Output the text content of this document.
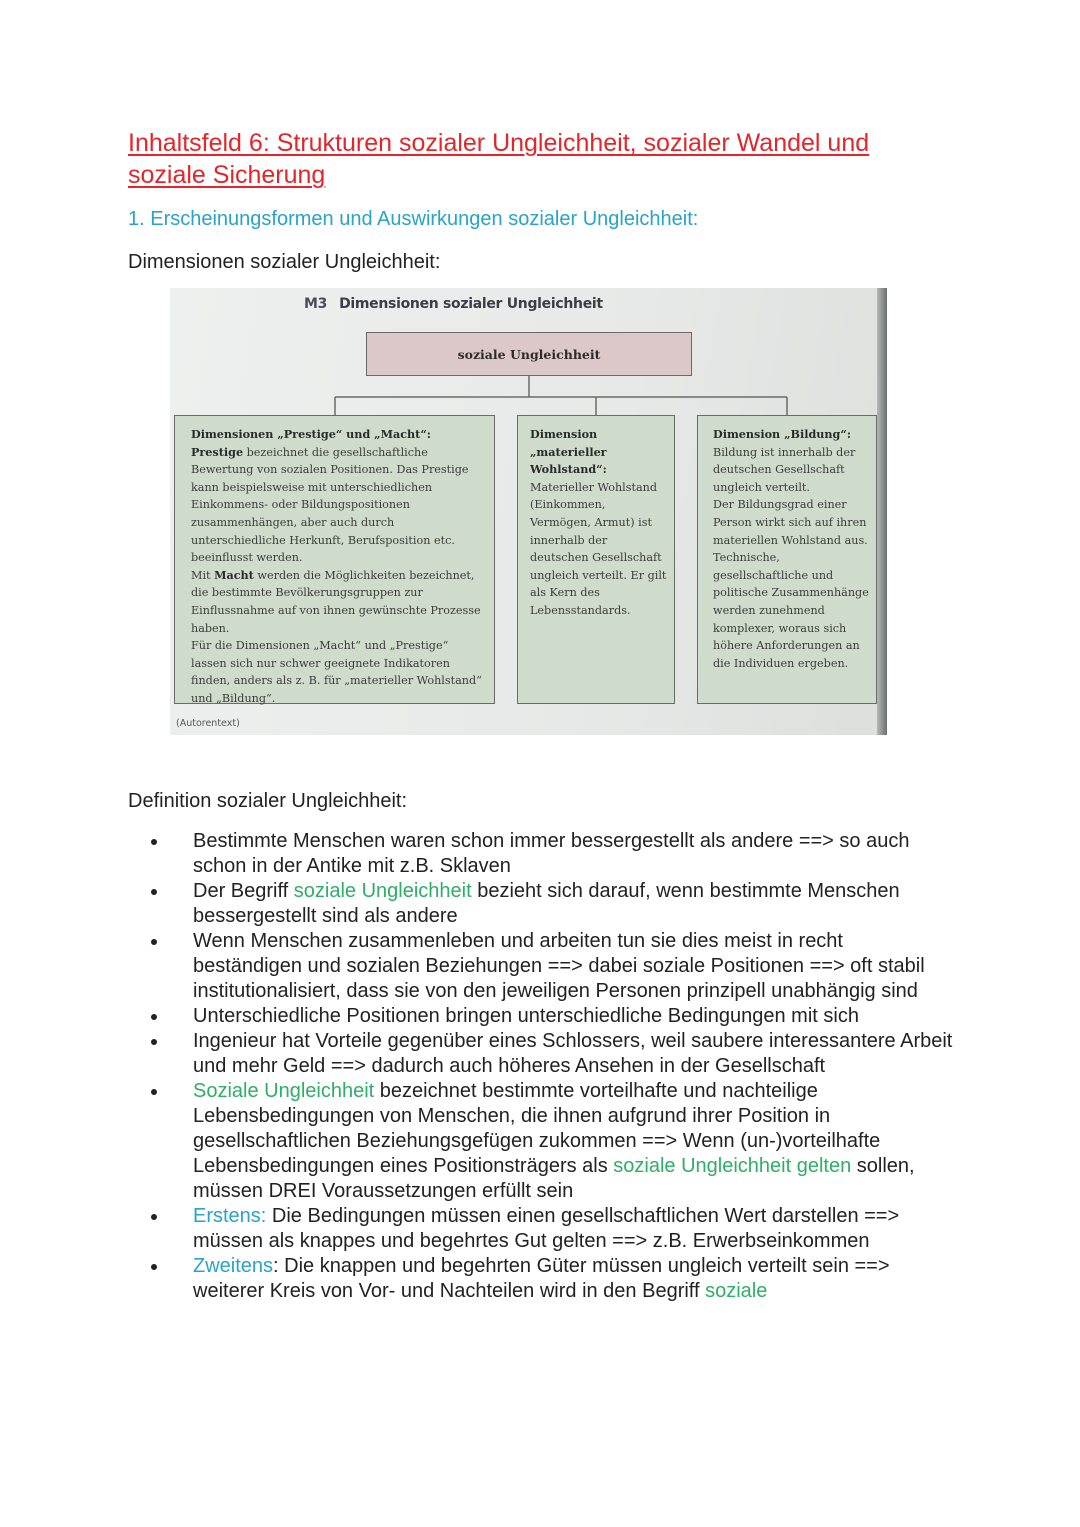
Inhaltsfeld 6: Strukturen sozialer Ungleichheit, sozialer Wandel und soziale Sicherung
1. Erscheinungsformen und Auswirkungen sozialer Ungleichheit:

Dimensionen sozialer Ungleichheit:

M3 Dimensionen sozialer Ungleichheit
soziale Ungleichheit

Dimensionen „Prestige“ und „Macht“:

Prestige bezeichnet die gesellschaftliche Bewertung von sozialen Positionen. Das Prestige kann beispielsweise mit unterschiedlichen Einkommens- oder Bildungspositionen zusammenhängen, aber auch durch unterschiedliche Herkunft, Berufsposition etc. beeinflusst werden.

Mit Macht werden die Möglichkeiten bezeichnet, die bestimmte Bevölkerungsgruppen zur Einflussnahme auf von ihnen gewünschte Prozesse haben.

Für die Dimensionen „Macht“ und „Prestige“ lassen sich nur schwer geeignete Indikatoren finden, anders als z. B. für „materieller Wohlstand“ und „Bildung“.

Dimension „materieller Wohlstand“:

Materieller Wohlstand (Einkommen, Vermögen, Armut) ist innerhalb der deutschen Gesellschaft ungleich verteilt. Er gilt als Kern des Lebensstandards.

Dimension „Bildung“:

Bildung ist innerhalb der deutschen Gesellschaft ungleich verteilt.

Der Bildungsgrad einer Person wirkt sich auf ihren materiellen Wohlstand aus. Technische, gesellschaftliche und politische Zusammenhänge werden zunehmend komplexer, woraus sich höhere Anforderungen an die Individuen ergeben.

(Autorentext)

Definition sozialer Ungleichheit:

Bestimmte Menschen waren schon immer bessergestellt als andere ==> so auch schon in der Antike mit z.B. Sklaven
Der Begriff soziale Ungleichheit bezieht sich darauf, wenn bestimmte Menschen bessergestellt sind als andere
Wenn Menschen zusammenleben und arbeiten tun sie dies meist in recht beständigen und sozialen Beziehungen ==> dabei soziale Positionen ==> oft stabil institutionalisiert, dass sie von den jeweiligen Personen prinzipell unabhängig sind
Unterschiedliche Positionen bringen unterschiedliche Bedingungen mit sich
Ingenieur hat Vorteile gegenüber eines Schlossers, weil saubere interessantere Arbeit und mehr Geld ==> dadurch auch höheres Ansehen in der Gesellschaft
Soziale Ungleichheit bezeichnet bestimmte vorteilhafte und nachteilige Lebensbedingungen von Menschen, die ihnen aufgrund ihrer Position in gesellschaftlichen Beziehungsgefügen zukommen ==> Wenn (un-)vorteilhafte Lebensbedingungen eines Positionsträgers als soziale Ungleichheit gelten sollen, müssen DREI Voraussetzungen erfüllt sein
Erstens: Die Bedingungen müssen einen gesellschaftlichen Wert darstellen ==> müssen als knappes und begehrtes Gut gelten ==> z.B. Erwerbseinkommen
Zweitens: Die knappen und begehrten Güter müssen ungleich verteilt sein ==> weiterer Kreis von Vor- und Nachteilen wird in den Begriff soziale
